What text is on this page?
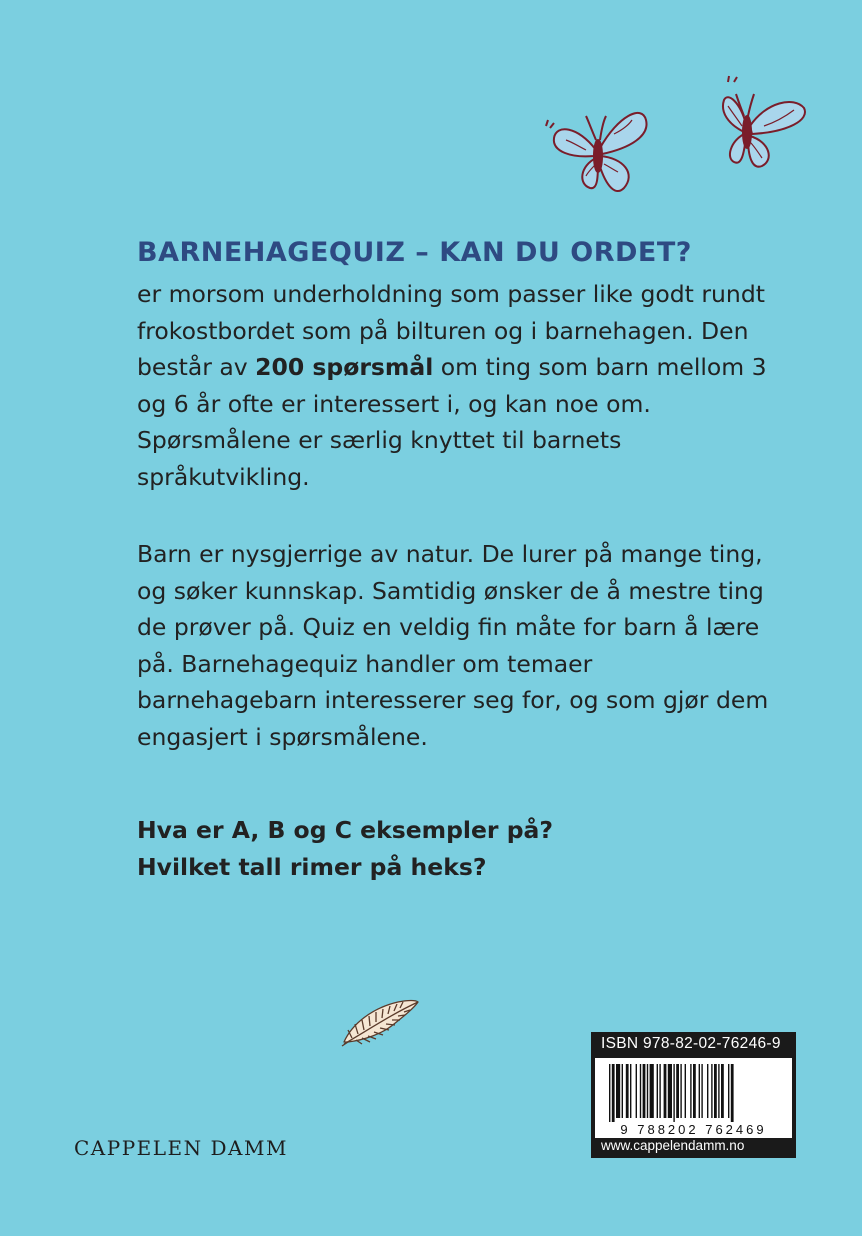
BARNEHAGEQUIZ – KAN DU ORDET?

er morsom underholdning som passer like godt rundt frokostbordet som på bilturen og i barnehagen. Den består av 200 spørsmål om ting som barn mellom 3 og 6 år ofte er interessert i, og kan noe om. Spørsmålene er særlig knyttet til barnets språkutvikling.

Barn er nysgjerrige av natur. De lurer på mange ting, og søker kunnskap. Samtidig ønsker de å mestre ting de prøver på. Quiz en veldig fin måte for barn å lære på. Barnehagequiz handler om temaer barnehagebarn interesserer seg for, og som gjør dem engasjert i spørsmålene.

Hva er A, B og C eksempler på?

Hvilket tall rimer på heks?

CAPPELEN DAMM
ISBN 978-82-02-76246-9
9 788202 762469
www.cappelendamm.no
